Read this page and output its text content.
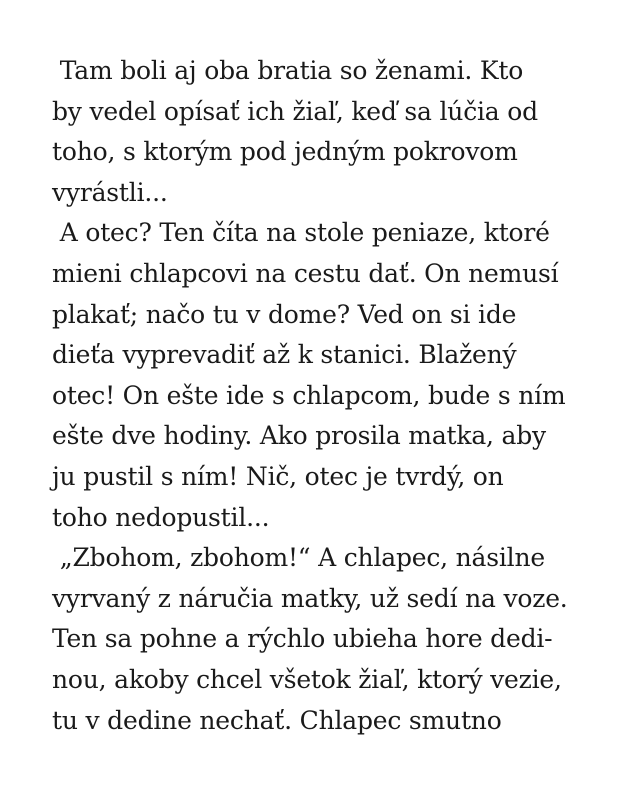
Tam boli aj oba bratia so ženami. Kto
by vedel opísať ich žiaľ, keď sa lúčia od
toho, s ktorým pod jedným pokrovom
vyrástli...
A otec? Ten číta na stole peniaze, ktoré
mieni chlapcovi na cestu dať. On nemusí
plakať; načo tu v dome? Ved on si ide
dieťa vyprevadiť až k stanici. Blažený
otec! On ešte ide s chlapcom, bude s ním
ešte dve hodiny. Ako prosila matka, aby
ju pustil s ním! Nič, otec je tvrdý, on
toho nedopustil...
„Zbohom, zbohom!“ A chlapec, násilne
vyrvaný z náručia matky, už sedí na voze.
Ten sa pohne a rýchlo ubieha hore dedi-
nou, akoby chcel všetok žiaľ, ktorý vezie,
tu v dedine nechať. Chlapec smutno
